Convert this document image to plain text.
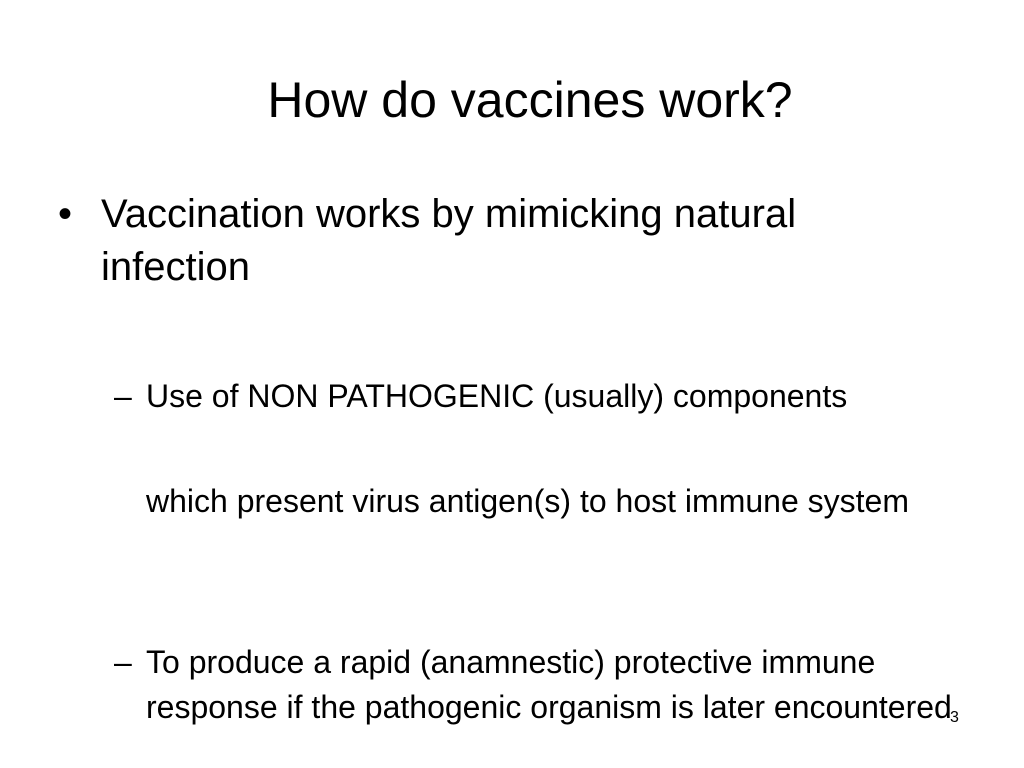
How do vaccines work?
• Vaccination works by mimicking natural infection
– Use of NON PATHOGENIC (usually) components
which present virus antigen(s) to host immune system
– To produce a rapid (anamnestic) protective immune response if the pathogenic organism is later encountered
3
